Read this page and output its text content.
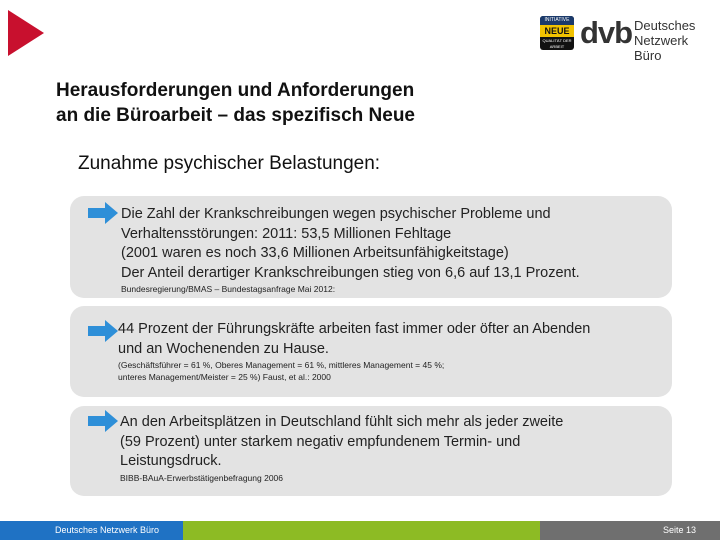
INITIATIVE
NEUE
QUALITÄT DER ARBEIT dvb Deutsches
Netzwerk Büro
Herausforderungen und Anforderungen
an die Büroarbeit – das spezifisch Neue
Zunahme psychischer Belastungen:
Die Zahl der Krankschreibungen wegen psychischer Probleme und
Verhaltensstörungen: 2011: 53,5 Millionen Fehltage
(2001 waren es noch 33,6 Millionen Arbeitsunfähigkeitstage)
Der Anteil derartiger Krankschreibungen stieg von 6,6 auf 13,1 Prozent.
Bundesregierung/BMAS – Bundestagsanfrage Mai 2012:
44 Prozent der Führungskräfte arbeiten fast immer oder öfter an Abenden
und an Wochenenden zu Hause.
(Geschäftsführer = 61 %, Oberes Management = 61 %, mittleres Management = 45 %;
unteres Management/Meister = 25 %) Faust, et al.: 2000
An den Arbeitsplätzen in Deutschland fühlt sich mehr als jeder zweite
(59 Prozent) unter starkem negativ empfundenem Termin- und
Leistungsdruck.
BIBB-BAuA-Erwerbstätigenbefragung 2006
Deutsches Netzwerk Büro	Seite 13
